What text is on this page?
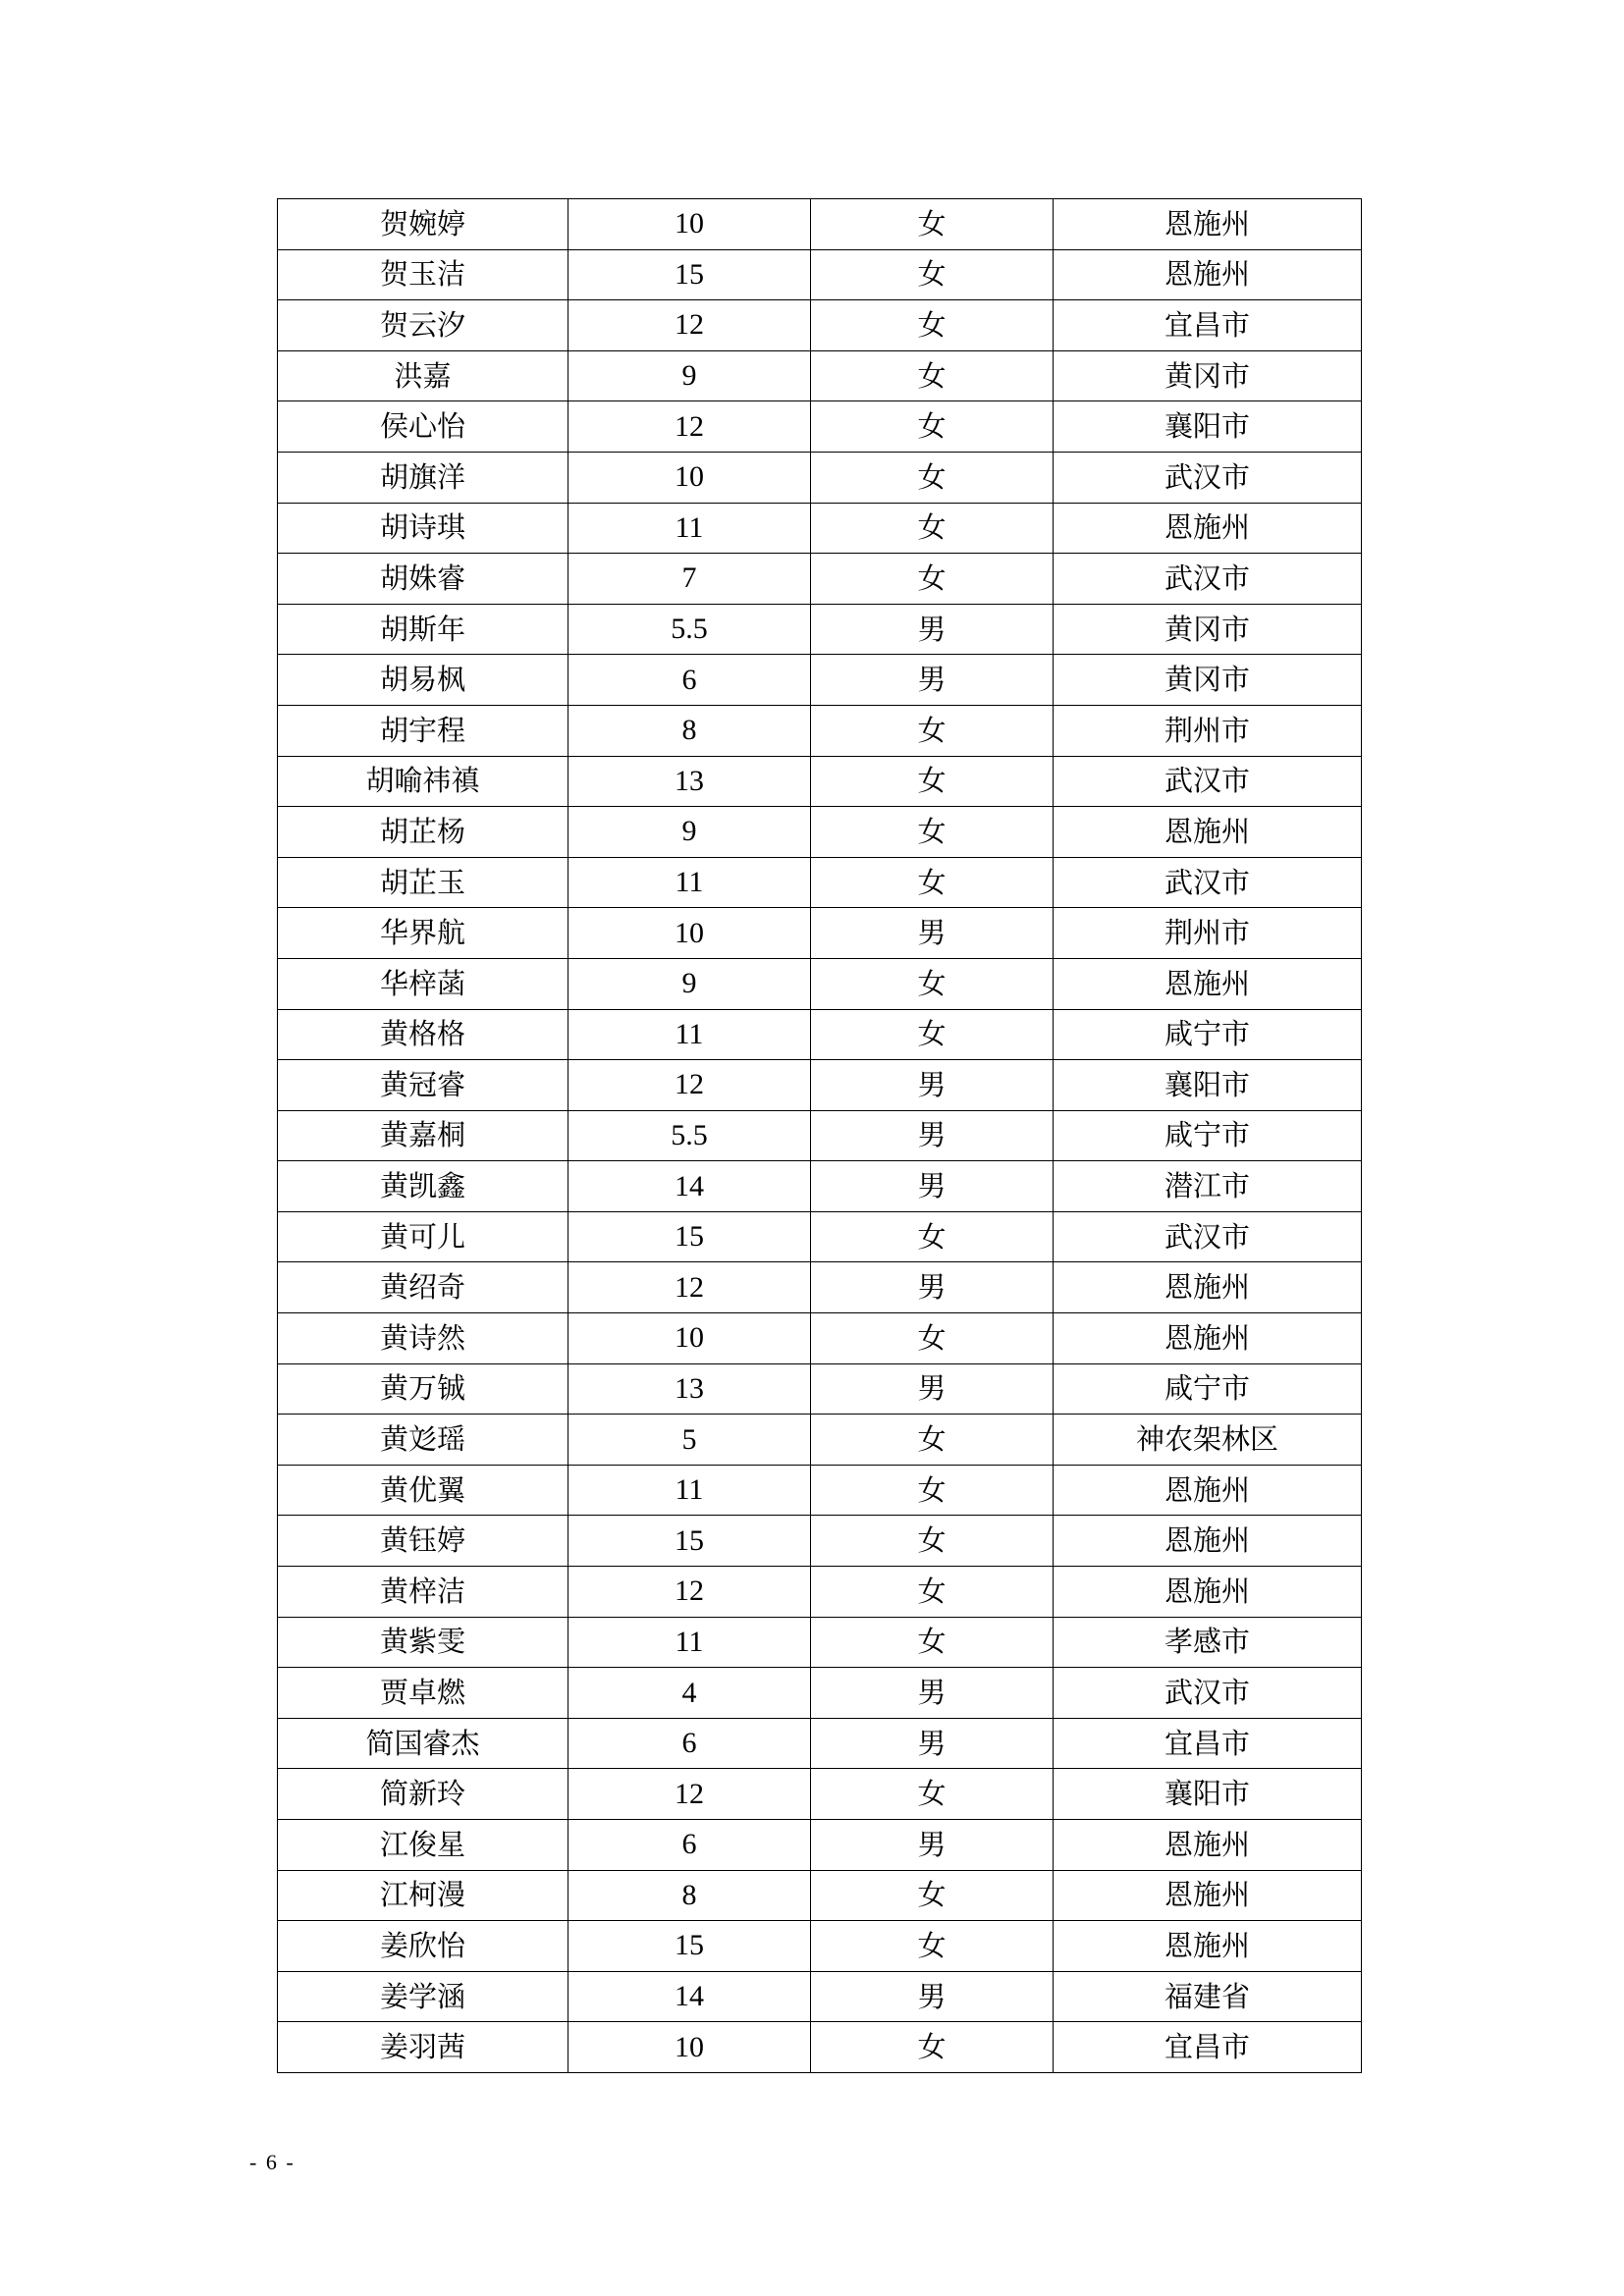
贺婉婷	10	女	恩施州
贺玉洁	15	女	恩施州
贺云汐	12	女	宜昌市
洪嘉	9	女	黄冈市
侯心怡	12	女	襄阳市
胡旗洋	10	女	武汉市
胡诗琪	11	女	恩施州
胡姝睿	7	女	武汉市
胡斯年	5.5	男	黄冈市
胡易枫	6	男	黄冈市
胡宇程	8	女	荆州市
胡喻祎禛	13	女	武汉市
胡芷杨	9	女	恩施州
胡芷玉	11	女	武汉市
华界航	10	男	荆州市
华梓菡	9	女	恩施州
黄格格	11	女	咸宁市
黄冠睿	12	男	襄阳市
黄嘉桐	5.5	男	咸宁市
黄凯鑫	14	男	潜江市
黄可儿	15	女	武汉市
黄绍奇	12	男	恩施州
黄诗然	10	女	恩施州
黄万铖	13	男	咸宁市
黄彣瑶	5	女	神农架林区
黄优翼	11	女	恩施州
黄钰婷	15	女	恩施州
黄梓洁	12	女	恩施州
黄紫雯	11	女	孝感市
贾卓燃	4	男	武汉市
简国睿杰	6	男	宜昌市
简新玲	12	女	襄阳市
江俊星	6	男	恩施州
江柯漫	8	女	恩施州
姜欣怡	15	女	恩施州
姜学涵	14	男	福建省
姜羽茜	10	女	宜昌市
- 6 -
